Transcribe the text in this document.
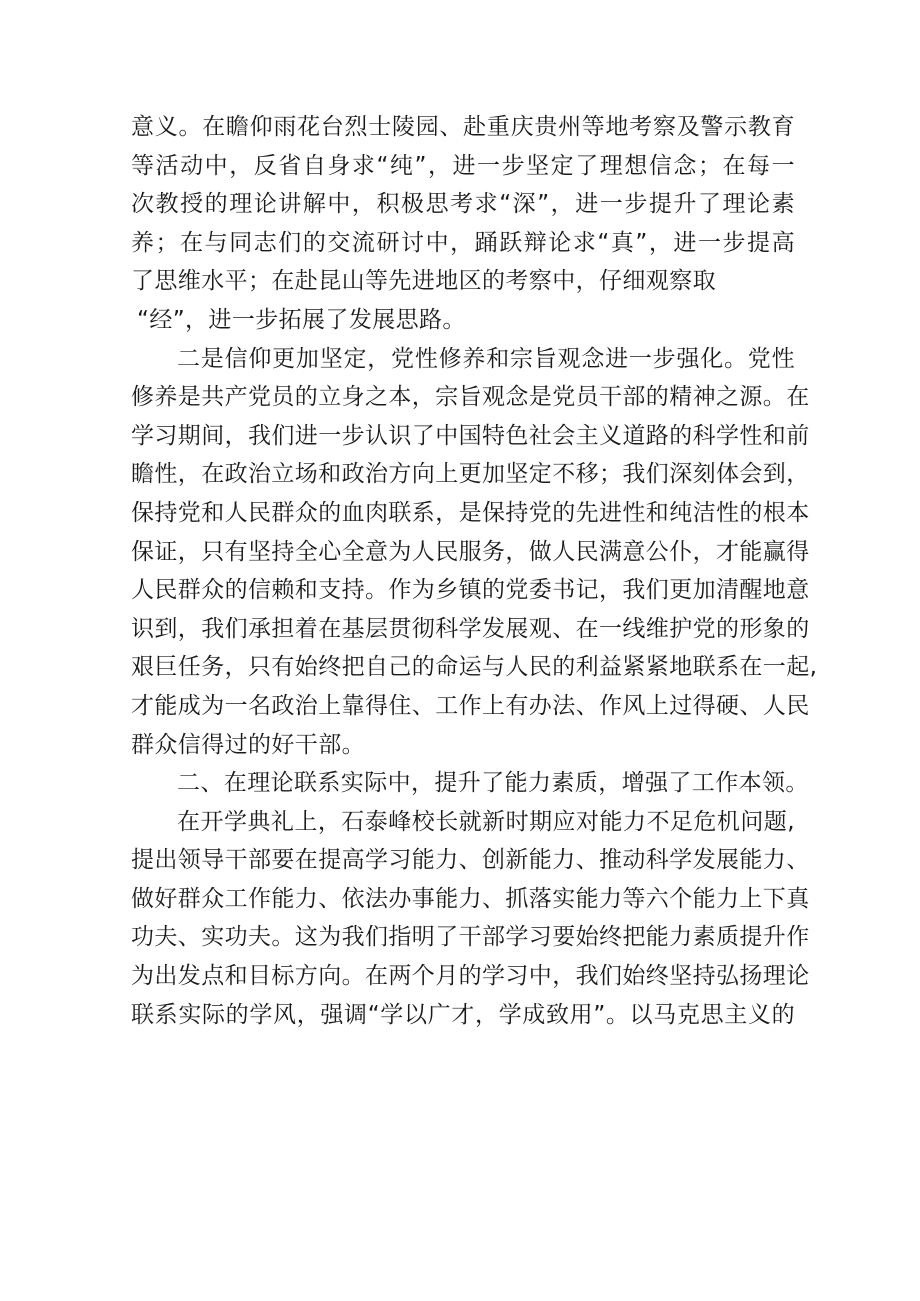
意义。在瞻仰雨花台烈士陵园、赴重庆贵州等地考察及警示教育
等活动中，反省自身求“纯”，进一步坚定了理想信念；在每一
次教授的理论讲解中，积极思考求“深”，进一步提升了理论素
养；在与同志们的交流研讨中，踊跃辩论求“真”，进一步提高
了思维水平；在赴昆山等先进地区的考察中，仔细观察取
“经”，进一步拓展了发展思路。
二是信仰更加坚定，党性修养和宗旨观念进一步强化。党性
修养是共产党员的立身之本，宗旨观念是党员干部的精神之源。在
学习期间，我们进一步认识了中国特色社会主义道路的科学性和前
瞻性，在政治立场和政治方向上更加坚定不移；我们深刻体会到，
保持党和人民群众的血肉联系，是保持党的先进性和纯洁性的根本
保证，只有坚持全心全意为人民服务，做人民满意公仆，才能赢得
人民群众的信赖和支持。作为乡镇的党委书记，我们更加清醒地意
识到，我们承担着在基层贯彻科学发展观、在一线维护党的形象的
艰巨任务，只有始终把自己的命运与人民的利益紧紧地联系在一起,
才能成为一名政治上靠得住、工作上有办法、作风上过得硬、人民
群众信得过的好干部。
二、在理论联系实际中，提升了能力素质，增强了工作本领。
在开学典礼上，石泰峰校长就新时期应对能力不足危机问题,
提出领导干部要在提高学习能力、创新能力、推动科学发展能力、
做好群众工作能力、依法办事能力、抓落实能力等六个能力上下真
功夫、实功夫。这为我们指明了干部学习要始终把能力素质提升作
为出发点和目标方向。在两个月的学习中，我们始终坚持弘扬理论
联系实际的学风，强调“学以广才，学成致用”。以马克思主义的
